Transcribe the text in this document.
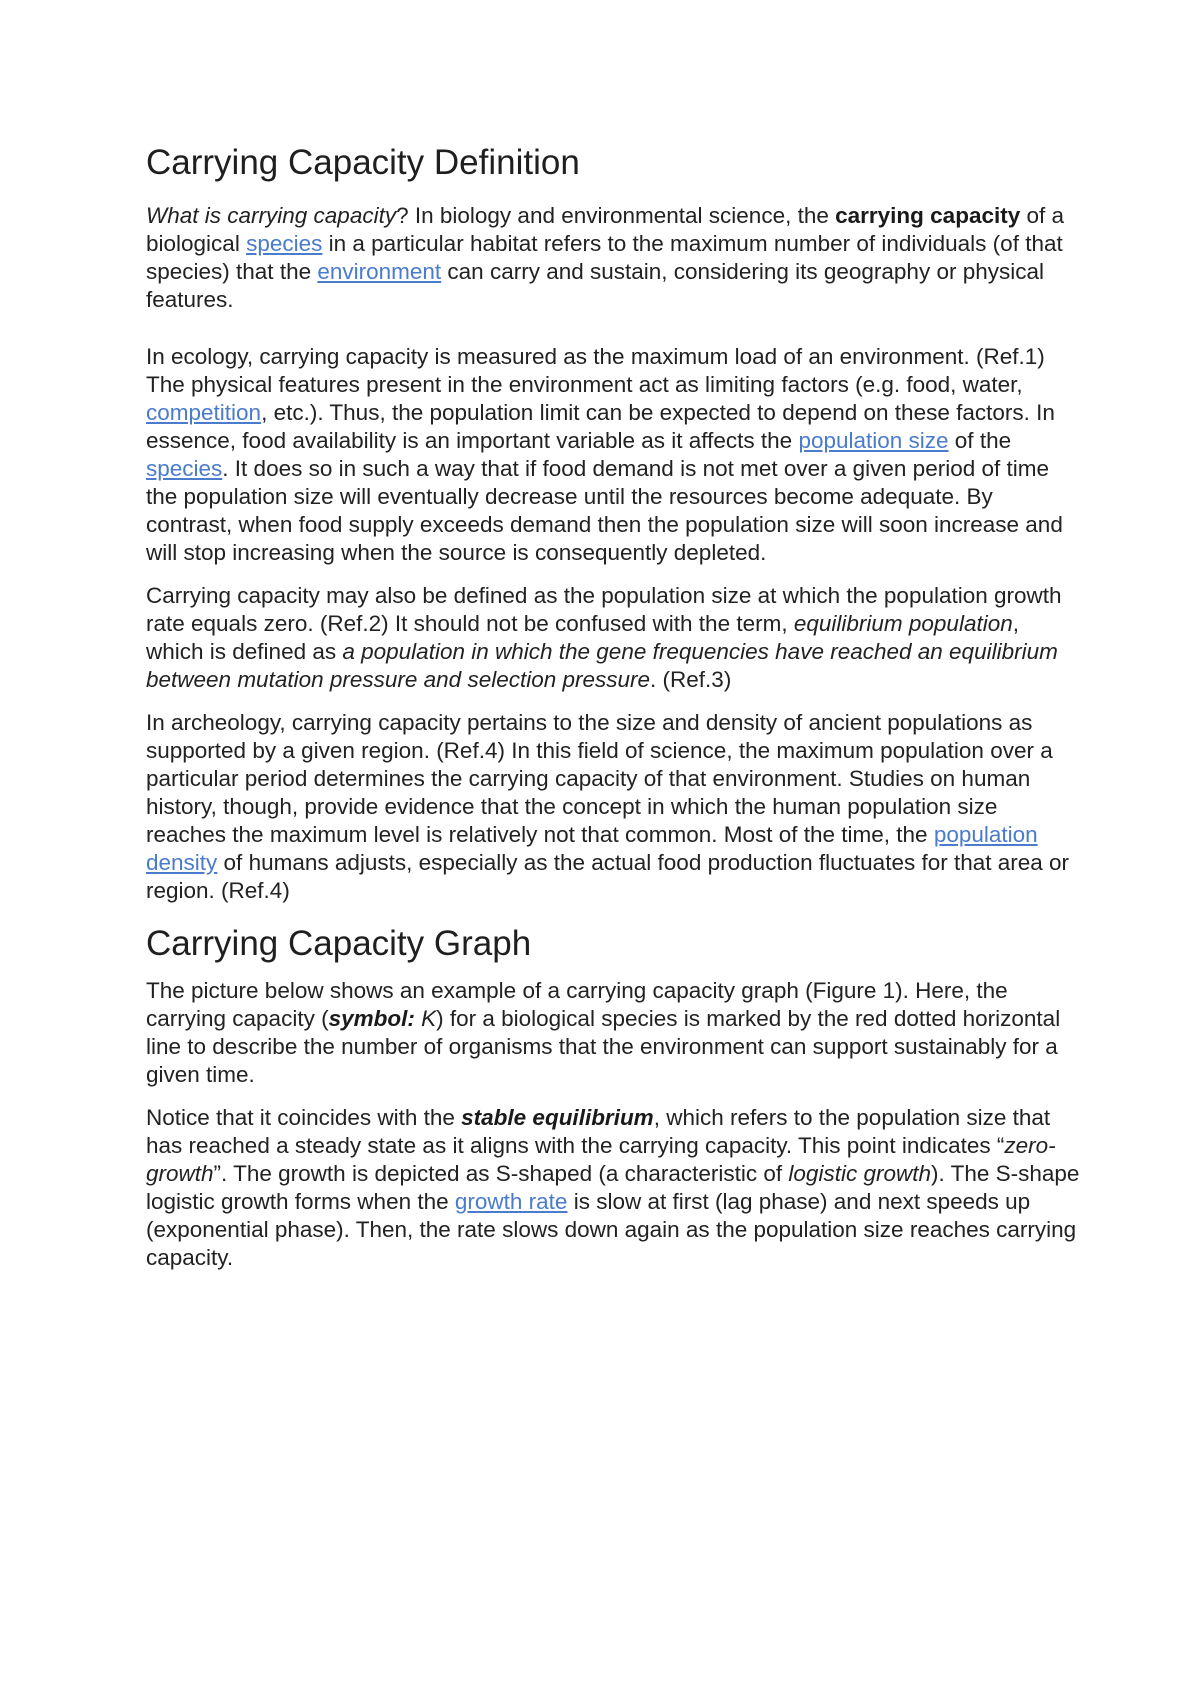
Carrying Capacity Definition

What is carrying capacity? In biology and environmental science, the carrying capacity of a biological species in a particular habitat refers to the maximum number of individuals (of that species) that the environment can carry and sustain, considering its geography or physical features.

In ecology, carrying capacity is measured as the maximum load of an environment. (Ref.1) The physical features present in the environment act as limiting factors (e.g. food, water, competition, etc.). Thus, the population limit can be expected to depend on these factors. In essence, food availability is an important variable as it affects the population size of the species. It does so in such a way that if food demand is not met over a given period of time the population size will eventually decrease until the resources become adequate. By contrast, when food supply exceeds demand then the population size will soon increase and will stop increasing when the source is consequently depleted.

Carrying capacity may also be defined as the population size at which the population growth rate equals zero. (Ref.2) It should not be confused with the term, equilibrium population, which is defined as a population in which the gene frequencies have reached an equilibrium between mutation pressure and selection pressure. (Ref.3)

In archeology, carrying capacity pertains to the size and density of ancient populations as supported by a given region. (Ref.4) In this field of science, the maximum population over a particular period determines the carrying capacity of that environment. Studies on human history, though, provide evidence that the concept in which the human population size reaches the maximum level is relatively not that common. Most of the time, the population density of humans adjusts, especially as the actual food production fluctuates for that area or region. (Ref.4)

Carrying Capacity Graph

The picture below shows an example of a carrying capacity graph (Figure 1). Here, the carrying capacity (symbol: K) for a biological species is marked by the red dotted horizontal line to describe the number of organisms that the environment can support sustainably for a given time.

Notice that it coincides with the stable equilibrium, which refers to the population size that has reached a steady state as it aligns with the carrying capacity. This point indicates “zero-growth”. The growth is depicted as S-shaped (a characteristic of logistic growth). The S-shape logistic growth forms when the growth rate is slow at first (lag phase) and next speeds up (exponential phase). Then, the rate slows down again as the population size reaches carrying capacity.
